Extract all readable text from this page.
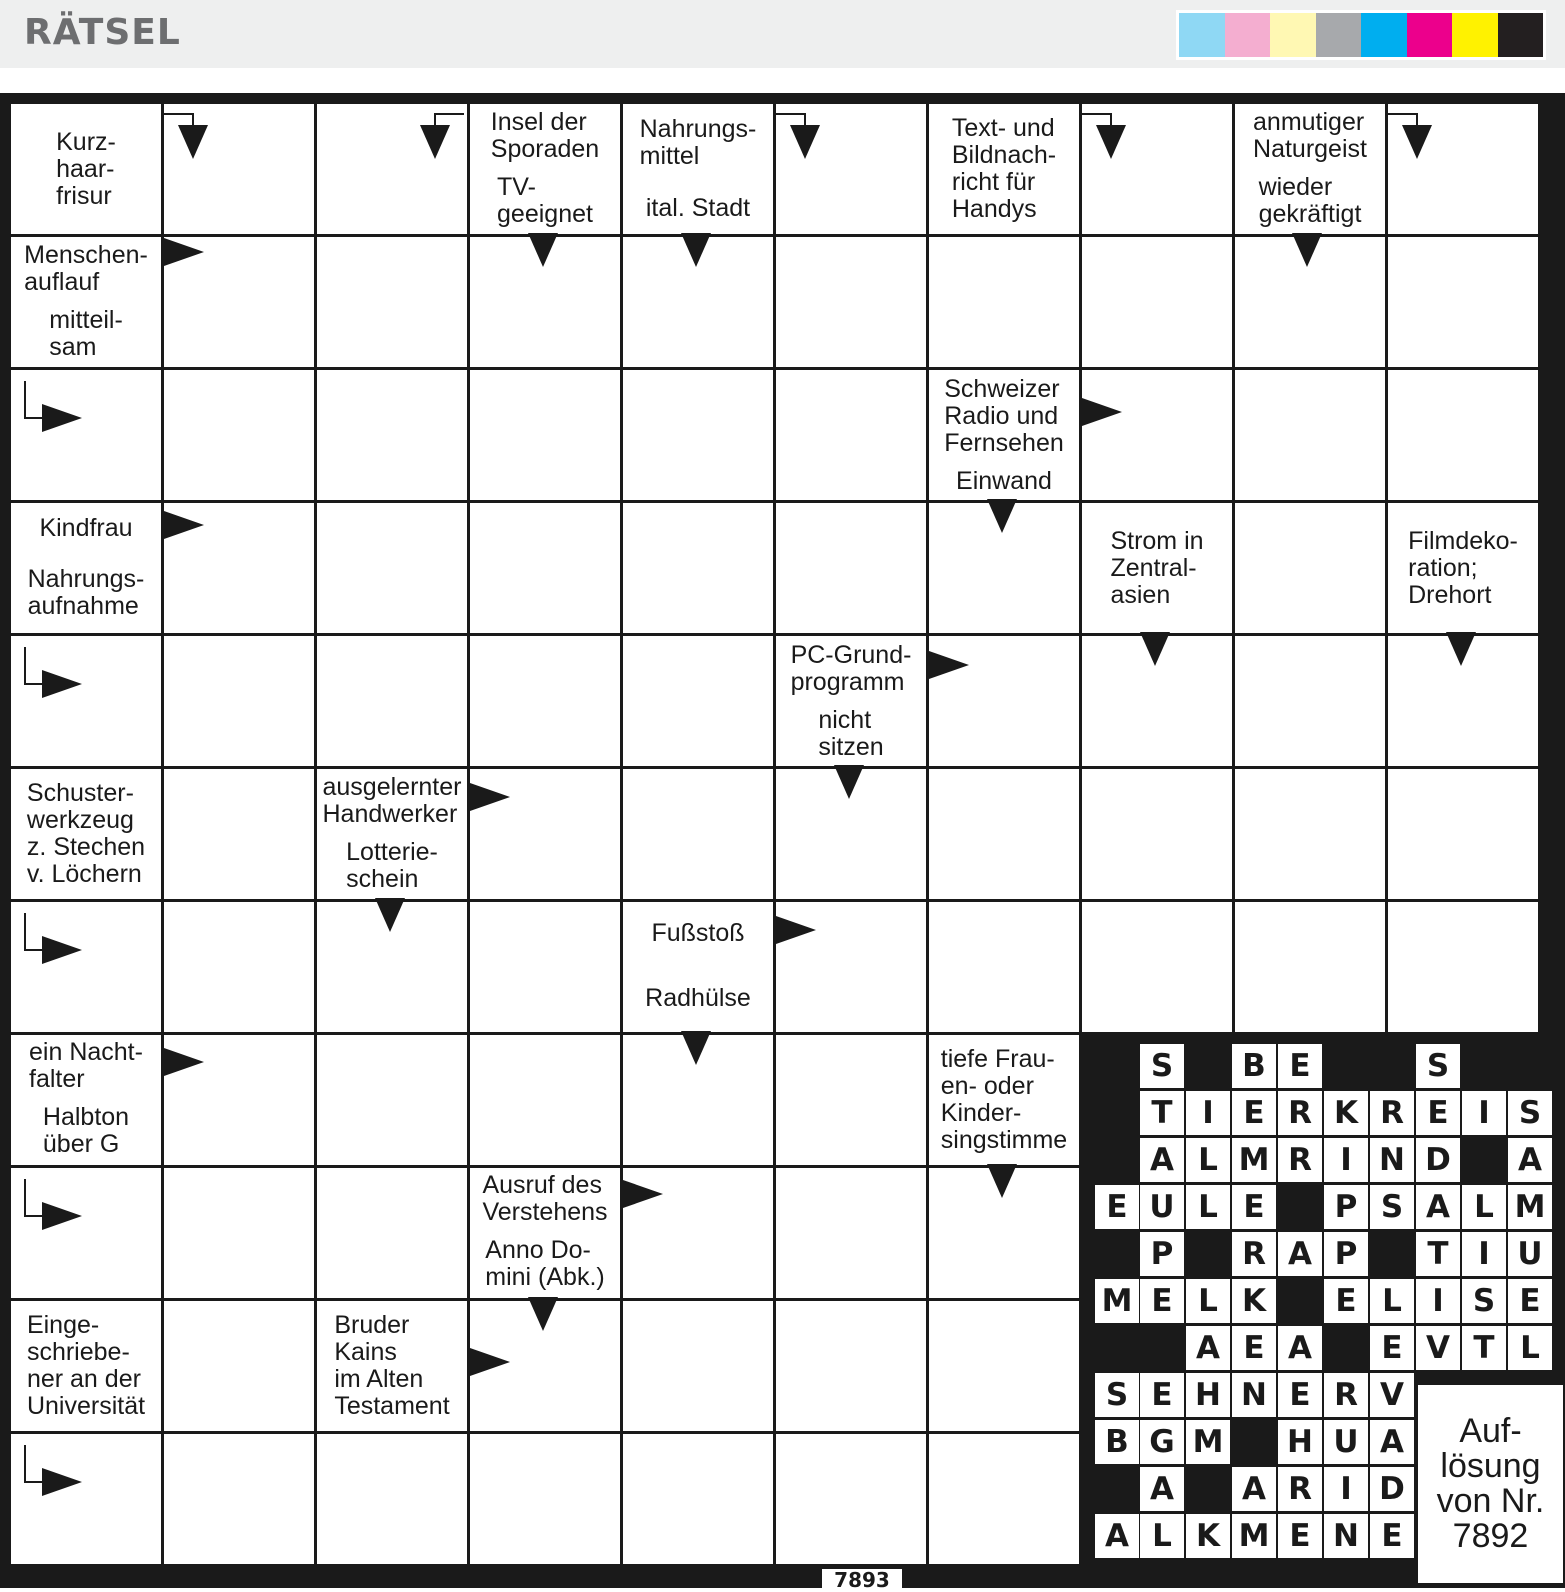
RÄTSEL
Kurz-
haar-
frisur
Insel der
Sporaden
TV-
geeignet
Nahrungs-
mittel
ital. Stadt
Text- und
Bildnach-
richt für
Handys
anmutiger
Naturgeist
wieder
gekräftigt
Menschen-
auflauf
mitteil-
sam
Schweizer
Radio und
Fernsehen
Einwand
Kindfrau
Nahrungs-
aufnahme
Strom in
Zentral-
asien
Filmdeko-
ration;
Drehort
PC-Grund-
programm
nicht
sitzen
Schuster-
werkzeug
z. Stechen
v. Löchern
ausgelernter
Handwerker
Lotterie-
schein
Fußstoß
Radhülse
ein Nacht-
falter
Halbton
über G
tiefe Frau-
en- oder
Kinder-
singstimme
Ausruf des
Verstehens
Anno Do-
mini (Abk.)
Einge-
schriebe-
ner an der
Universität
Bruder
Kains
im Alten
Testament
S	B E	S
T I E R K R E I S
A L M R I N D	A
E U L E	P S A L M
P	R A P	T I U
M E L K	E L I S E
A E A	E V T L
S E H N E R V
B G M H U A
A	A R I D
A L K M E N E
Auf-
lösung
von Nr.
7892
7893
